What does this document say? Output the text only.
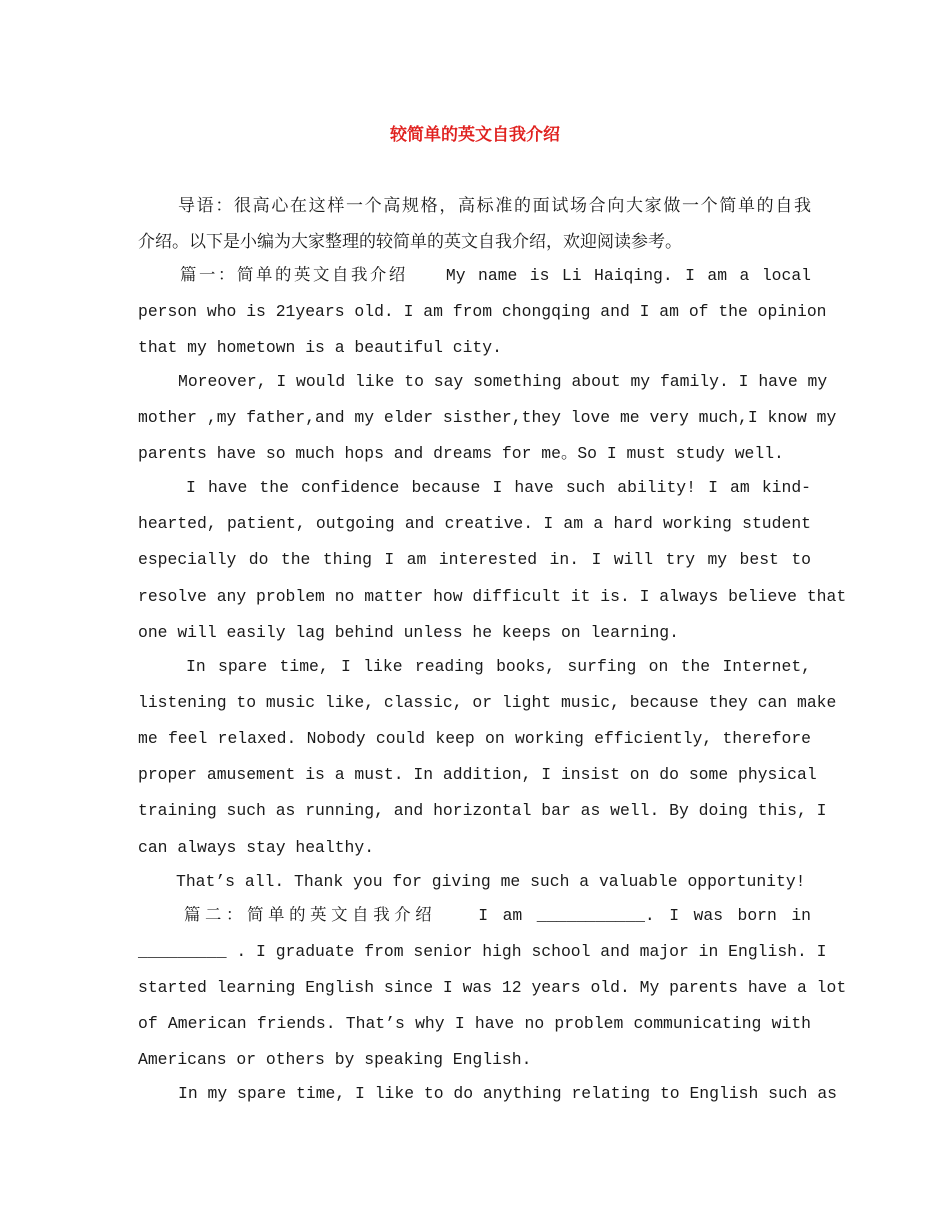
较简单的英文自我介绍
导语：很高心在这样一个高规格，高标准的面试场合向大家做一个简单的自我
介绍。以下是小编为大家整理的较简单的英文自我介绍，欢迎阅读参考。
篇一：简单的英文自我介绍　　My name is Li Haiqing. I am a local
person who is 21years old. I am from chongqing and I am of the opinion
that my hometown is a beautiful city.
Moreover, I would like to say something about my family. I have my
mother ,my father,and my elder sisther,they love me very much,I know my
parents have so much hops and dreams for me。So I must study well.
I have the confidence because I have such ability! I am kind-
hearted, patient, outgoing and creative. I am a hard working student
especially do the thing I am interested in. I will try my best to
resolve any problem no matter how difficult it is. I always believe that
one will easily lag behind unless he keeps on learning.
In spare time, I like reading books, surfing on the Internet,
listening to music like, classic, or light music, because they can make
me feel relaxed. Nobody could keep on working efficiently, therefore
proper amusement is a must. In addition, I insist on do some physical
training such as running, and horizontal bar as well. By doing this, I
can always stay healthy.
That’s all. Thank you for giving me such a valuable opportunity!
篇二：简单的英文自我介绍　　I am ___________. I was born in
_________ . I graduate from senior high school and major in English. I
started learning English since I was 12 years old. My parents have a lot
of American friends. That’s why I have no problem communicating with
Americans or others by speaking English.
In my spare time, I like to do anything relating to English such as
